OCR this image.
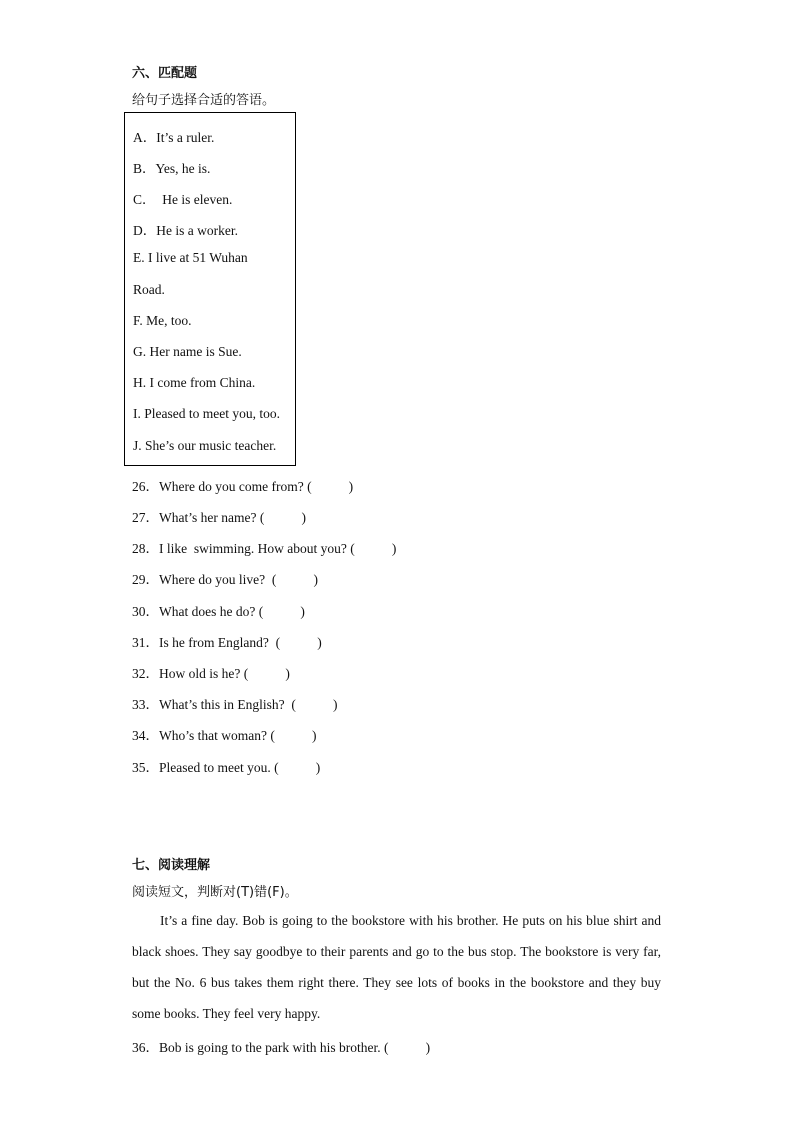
六、匹配题
给句子选择合适的答语。
A．It’s a ruler.
B．Yes, he is.
C．  He is eleven.
D．He is a worker.
E. I live at 51 Wuhan
Road.
F. Me, too.
G. Her name is Sue.
H. I come from China.
I. Pleased to meet you, too.
J. She’s our music teacher.
26．Where do you come from? (           )
27．What’s her name? (           )
28．I like  swimming. How about you? (           )
29．Where do you live?  (           )
30．What does he do? (           )
31．Is he from England?  (           )
32．How old is he? (           )
33．What’s this in English?  (           )
34．Who’s that woman? (           )
35．Pleased to meet you. (           )
七、阅读理解
阅读短文，判断对(T)错(F)。
It’s a fine day. Bob is going to the bookstore with his brother. He puts on his blue shirt and black shoes. They say goodbye to their parents and go to the bus stop. The bookstore is very far, but the No. 6 bus takes them right there. They see lots of books in the bookstore and they buy some books. They feel very happy.
36．Bob is going to the park with his brother. (           )
